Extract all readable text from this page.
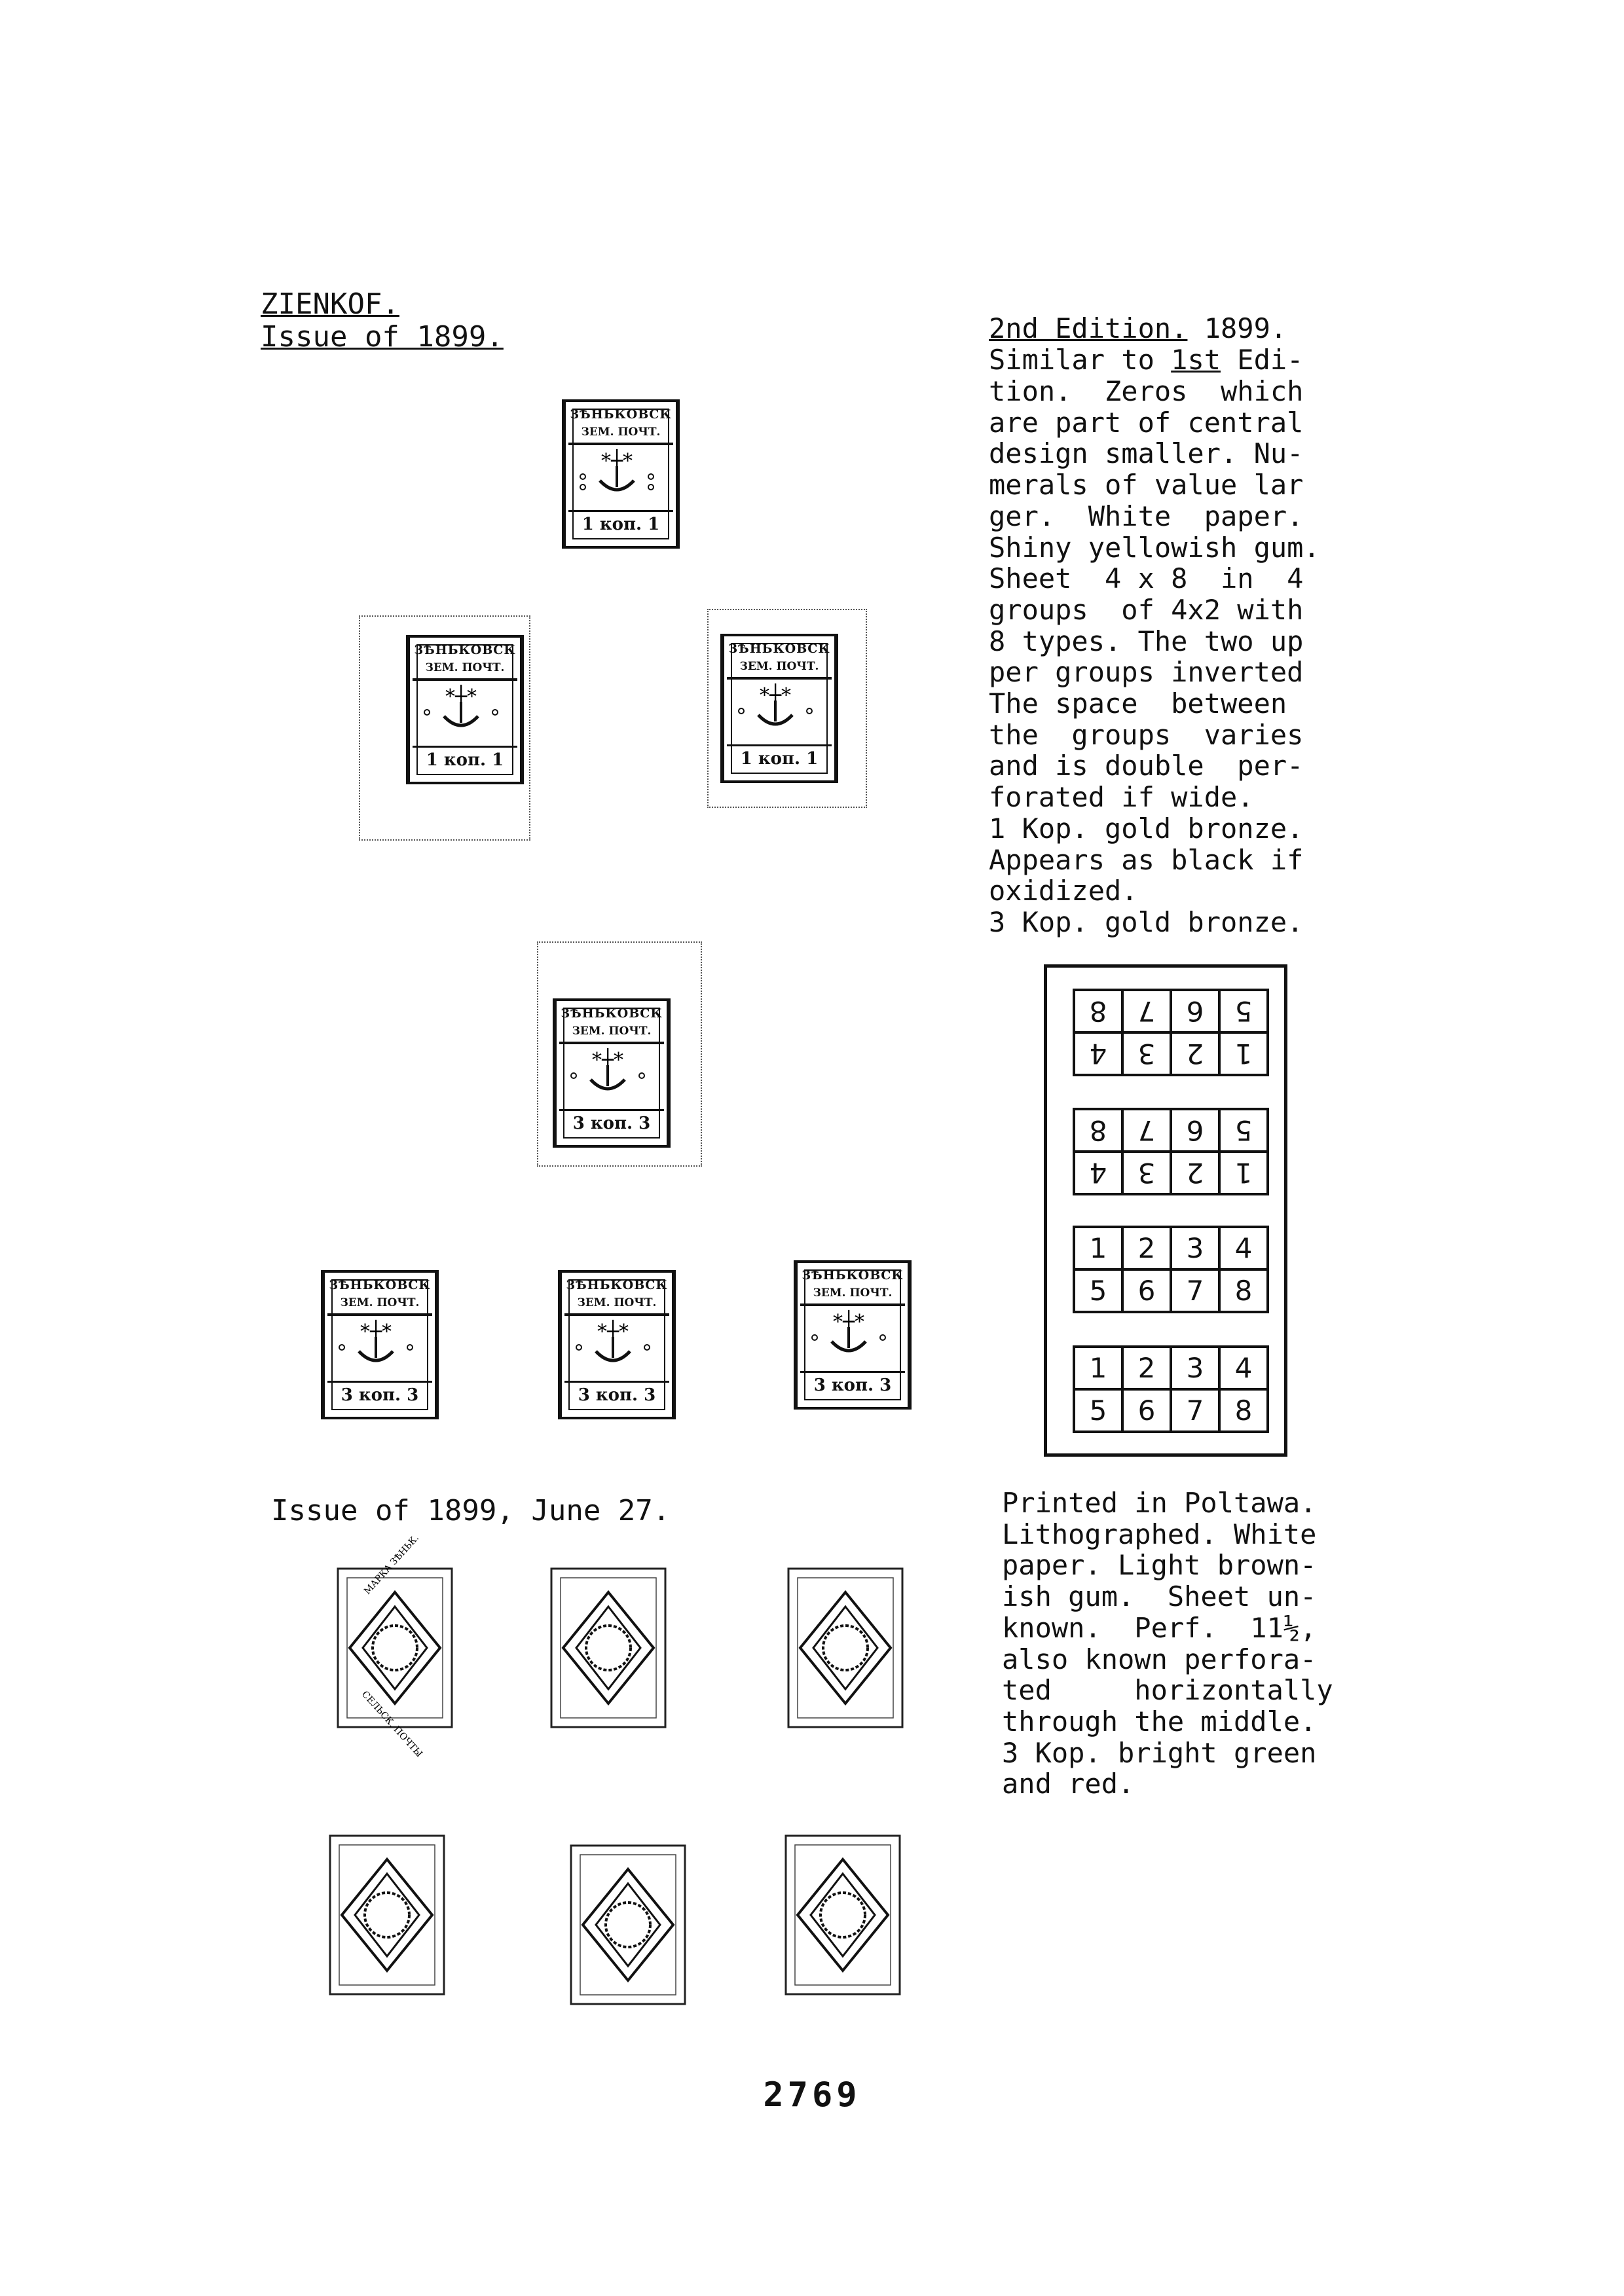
ZIENKOF.
Issue of 1899.
ЗѢНЬКОВСК
ЗЕМ. ПОЧТ.
*┼*
1 коп. 1
ЗѢНЬКОВСК
ЗЕМ. ПОЧТ.
*┼*
1 коп. 1
ЗѢНЬКОВСК
ЗЕМ. ПОЧТ.
*┼*
1 коп. 1
ЗѢНЬКОВСК
ЗЕМ. ПОЧТ.
*┼*
3 коп. 3
ЗѢНЬКОВСК
ЗЕМ. ПОЧТ.
*┼*
3 коп. 3
ЗѢНЬКОВСК
ЗЕМ. ПОЧТ.
*┼*
3 коп. 3
ЗѢНЬКОВСК
ЗЕМ. ПОЧТ.
*┼*
3 коп. 3
Issue of 1899, June 27.
МАРКА ЗѢНЬК.
СЕЛЬСК. ПОЧТЫ
2nd Edition. 1899.
Similar to 1st Edi-
tion.  Zeros  which
are part of central
design smaller. Nu-
merals of value lar
ger.  White  paper.
Shiny yellowish gum.
Sheet  4 x 8  in  4
groups  of 4x2 with
8 types. The two up
per groups inverted
The space  between
the  groups  varies
and is double  per-
forated if wide.
1 Kop. gold bronze.
Appears as black if
oxidized.
3 Kop. gold bronze.
1	2	3	4
5	6	7	8
1	2	3	4
5	6	7	8
1	2	3	4
5	6	7	8
1	2	3	4
5	6	7	8
Printed in Poltawa.
Lithographed. White
paper. Light brown-
ish gum.  Sheet un-
known.  Perf.  11½,
also known perfora-
ted     horizontally
through the middle.
3 Kop. bright green
and red.
2769
